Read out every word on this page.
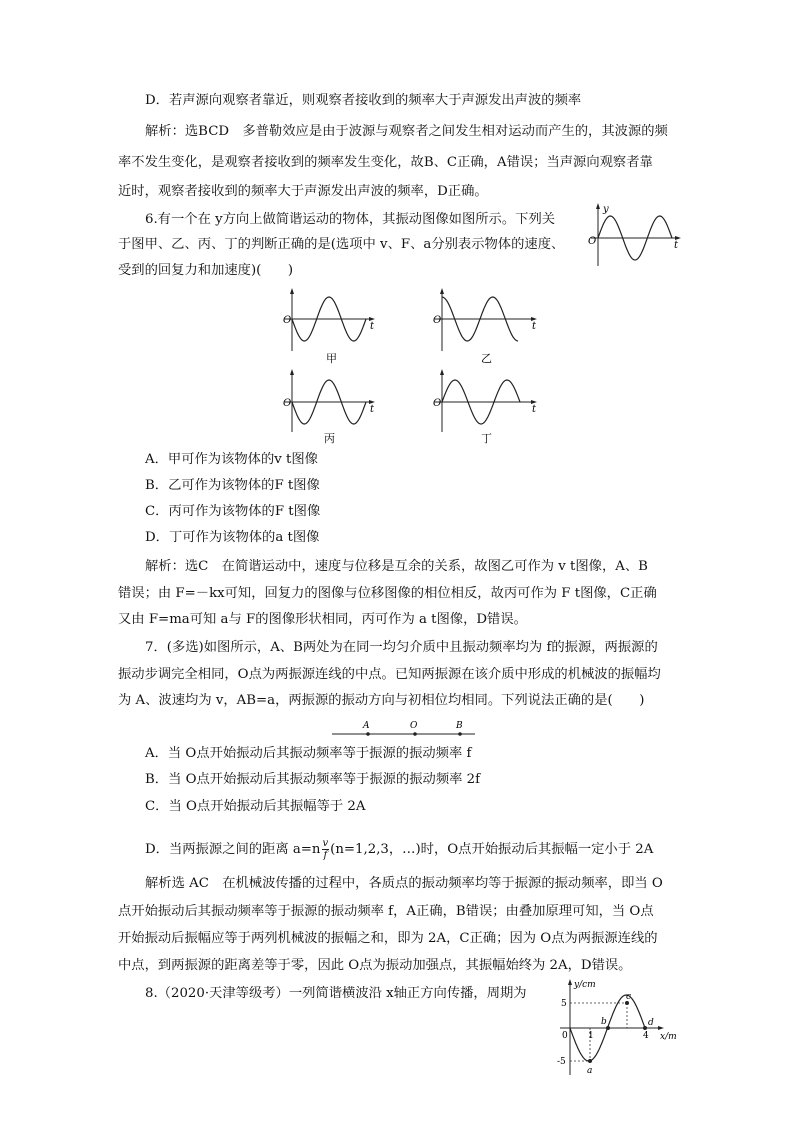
D．若声源向观察者靠近，则观察者接收到的频率大于声源发出声波的频率
解析：选BCD　多普勒效应是由于波源与观察者之间发生相对运动而产生的，其波源的频
率不发生变化，是观察者接收到的频率发生变化，故B、C正确，A错误；当声源向观察者靠
近时，观察者接收到的频率大于声源发出声波的频率，D正确。
6.有一个在 y方向上做简谐运动的物体，其振动图像如图所示。下列关
于图甲、乙、丙、丁的判断正确的是(选项中 v、F、a分别表示物体的速度、
受到的回复力和加速度)(　　)
y
O	t
O
t
甲
O
t
乙
O
t
丙
O
t
丁
A．甲可作为该物体的v t图像
B．乙可作为该物体的F t图像
C．丙可作为该物体的F t图像
D．丁可作为该物体的a t图像
解析：选C　在简谐运动中，速度与位移是互余的关系，故图乙可作为 v t图像，A、B
错误；由 F=－kx可知，回复力的图像与位移图像的相位相反，故丙可作为 F t图像，C正确
又由 F=ma可知 a与 F的图像形状相同，丙可作为 a t图像，D错误。
7．(多选)如图所示，A、B两处为在同一均匀介质中且振动频率均为 f的振源，两振源的
振动步调完全相同，O点为两振源连线的中点。已知两振源在该介质中形成的机械波的振幅均
为 A、波速均为 v，AB=a，两振源的振动方向与初相位均相同。下列说法正确的是(　　)
A	O	B
A．当 O点开始振动后其振动频率等于振源的振动频率 f
B．当 O点开始振动后其振动频率等于振源的振动频率 2f
C．当 O点开始振动后其振幅等于 2A
D．当两振源之间的距离 $a=n \frac{v}{f} (n=1,2,3$，…)时，O点开始振动后其振幅一定小于 2A
解析选 AC　在机械波传播的过程中，各质点的振动频率均等于振源的振动频率，即当 O
点开始振动后其振动频率等于振源的振动频率 f，A正确，B错误；由叠加原理可知，当 O点
开始振动后振幅应等于两列机械波的振幅之和，即为 2A，C正确；因为 O点为两振源连线的
中点，到两振源的距离差等于零，因此 O点为振动加强点，其振幅始终为 2A，D错误。
8.（2020·天津等级考）一列简谐横波沿 x轴正方向传播，周期为
y/cm
x/m
5
-5
0 1	4
a
b
c
d
